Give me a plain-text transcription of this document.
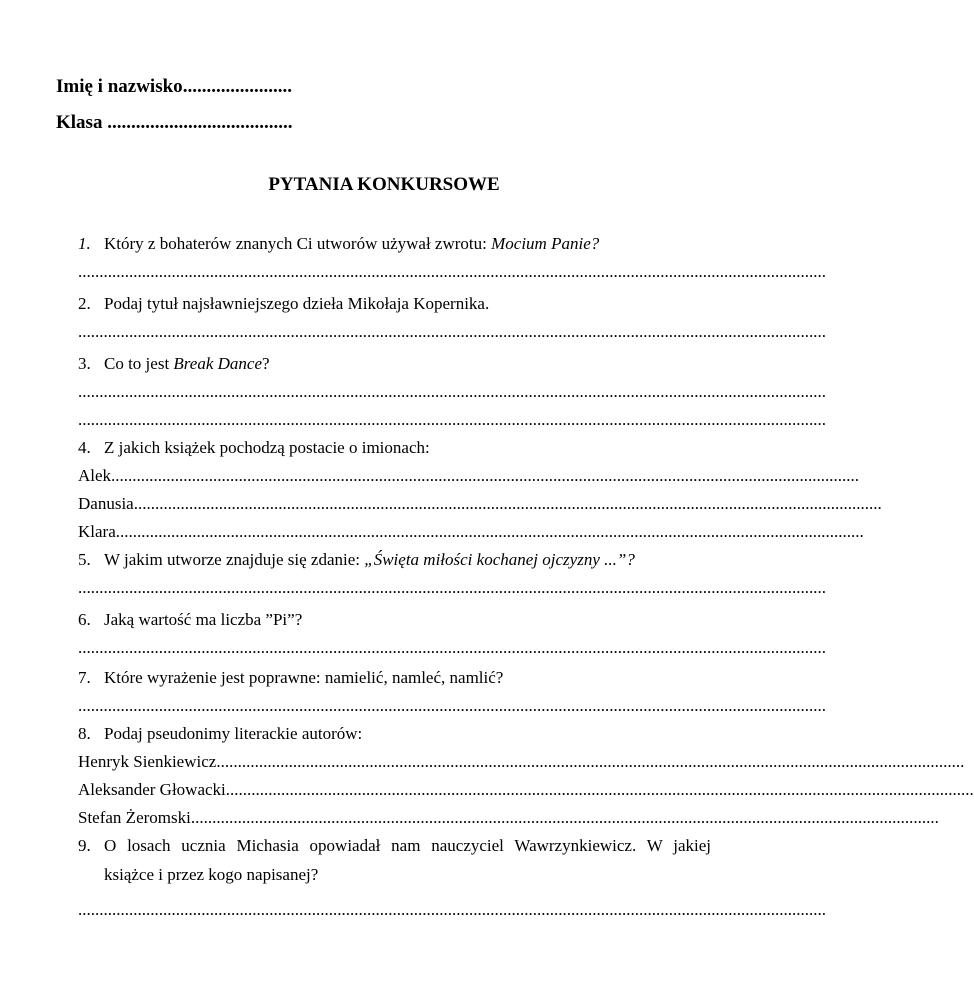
Imię i nazwisko.......................
Klasa .......................................
PYTANIA KONKURSOWE
1. Który z bohaterów znanych Ci utworów używał zwrotu: Mocium Panie?
................................................................................................................................................................................
2. Podaj tytuł najsławniejszego dzieła Mikołaja Kopernika.
................................................................................................................................................................................
3. Co to jest Break Dance?
................................................................................................................................................................................
................................................................................................................................................................................
4. Z jakich książek pochodzą postacie o imionach:
Alek................................................................................................................................................................................
Danusia................................................................................................................................................................................
Klara................................................................................................................................................................................
5. W jakim utworze znajduje się zdanie: „Święta miłości kochanej ojczyzny ...”?
................................................................................................................................................................................
6. Jaką wartość ma liczba ”Pi”?
................................................................................................................................................................................
7. Które wyrażenie jest poprawne: namielić, namleć, namlić?
................................................................................................................................................................................
8. Podaj pseudonimy literackie autorów:
Henryk Sienkiewicz................................................................................................................................................................................
Aleksander Głowacki................................................................................................................................................................................
Stefan Żeromski................................................................................................................................................................................
9. O losach ucznia Michasia opowiadał nam nauczyciel Wawrzynkiewicz. W jakiej
książce i przez kogo napisanej?
................................................................................................................................................................................
